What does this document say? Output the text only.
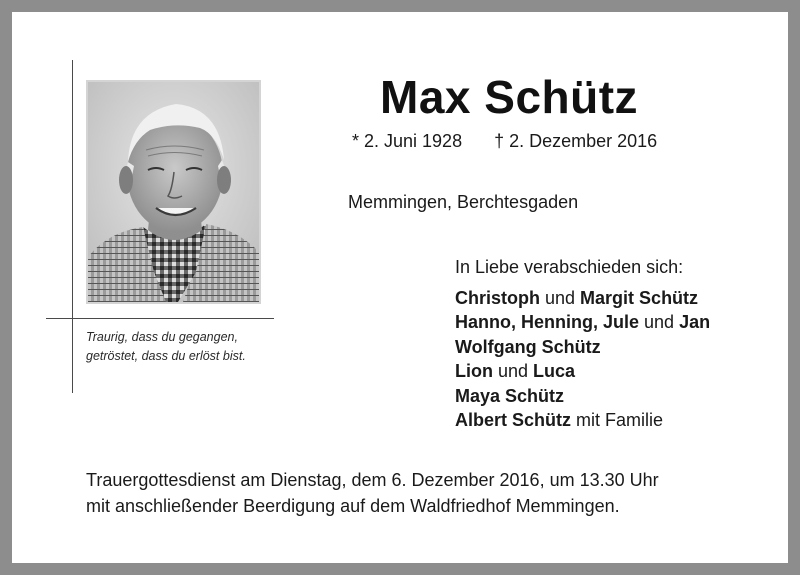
Traurig, dass du gegangen,
getröstet, dass du erlöst bist.
Max Schütz
* 2. Juni 1928 † 2. Dezember 2016
Memmingen, Berchtesgaden
In Liebe verabschieden sich:
Christoph und Margit Schütz
Hanno, Henning, Jule und Jan
Wolfgang Schütz
Lion und Luca
Maya Schütz
Albert Schütz mit Familie
Trauergottesdienst am Dienstag, dem 6. Dezember 2016, um 13.30 Uhr
mit anschließender Beerdigung auf dem Waldfriedhof Memmingen.
